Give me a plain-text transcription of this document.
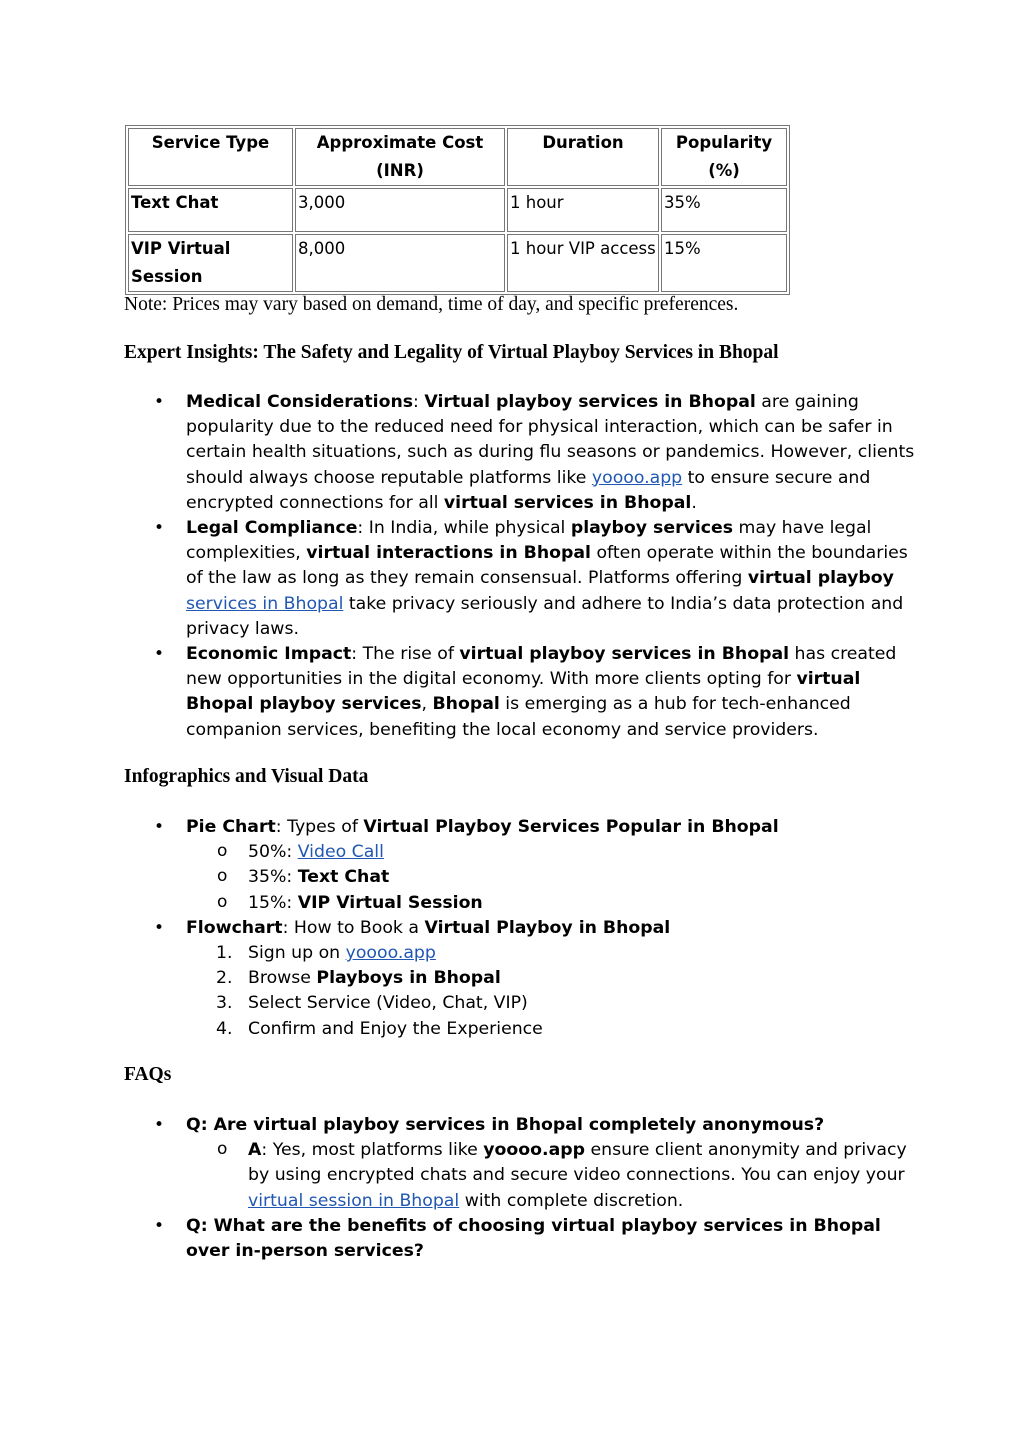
Service Type	Approximate Cost (INR)	Duration	Popularity (%)
Text Chat	3,000	1 hour	35%
VIP Virtual Session	8,000	1 hour VIP access	15%
Note: Prices may vary based on demand, time of day, and specific preferences.
Expert Insights: The Safety and Legality of Virtual Playboy Services in Bhopal
• Medical Considerations: Virtual playboy services in Bhopal are gaining popularity due to the reduced need for physical interaction, which can be safer in certain health situations, such as during flu seasons or pandemics. However, clients should always choose reputable platforms like yoooo.app to ensure secure and encrypted connections for all virtual services in Bhopal.
• Legal Compliance: In India, while physical playboy services may have legal complexities, virtual interactions in Bhopal often operate within the boundaries of the law as long as they remain consensual. Platforms offering virtual playboy
services in Bhopal take privacy seriously and adhere to India’s data protection and privacy laws.
• Economic Impact: The rise of virtual playboy services in Bhopal has created new opportunities in the digital economy. With more clients opting for virtual Bhopal playboy services, Bhopal is emerging as a hub for tech-enhanced companion services, benefiting the local economy and service providers.
Infographics and Visual Data
• Pie Chart: Types of Virtual Playboy Services Popular in Bhopal
o 50%: Video Call
o 35%: Text Chat
o 15%: VIP Virtual Session
• Flowchart: How to Book a Virtual Playboy in Bhopal
1. Sign up on yoooo.app
2. Browse Playboys in Bhopal
3. Select Service (Video, Chat, VIP)
4. Confirm and Enjoy the Experience
FAQs
• Q: Are virtual playboy services in Bhopal completely anonymous?
o A: Yes, most platforms like yoooo.app ensure client anonymity and privacy by using encrypted chats and secure video connections. You can enjoy your virtual session in Bhopal with complete discretion.
• Q: What are the benefits of choosing virtual playboy services in Bhopal over in-person services?
